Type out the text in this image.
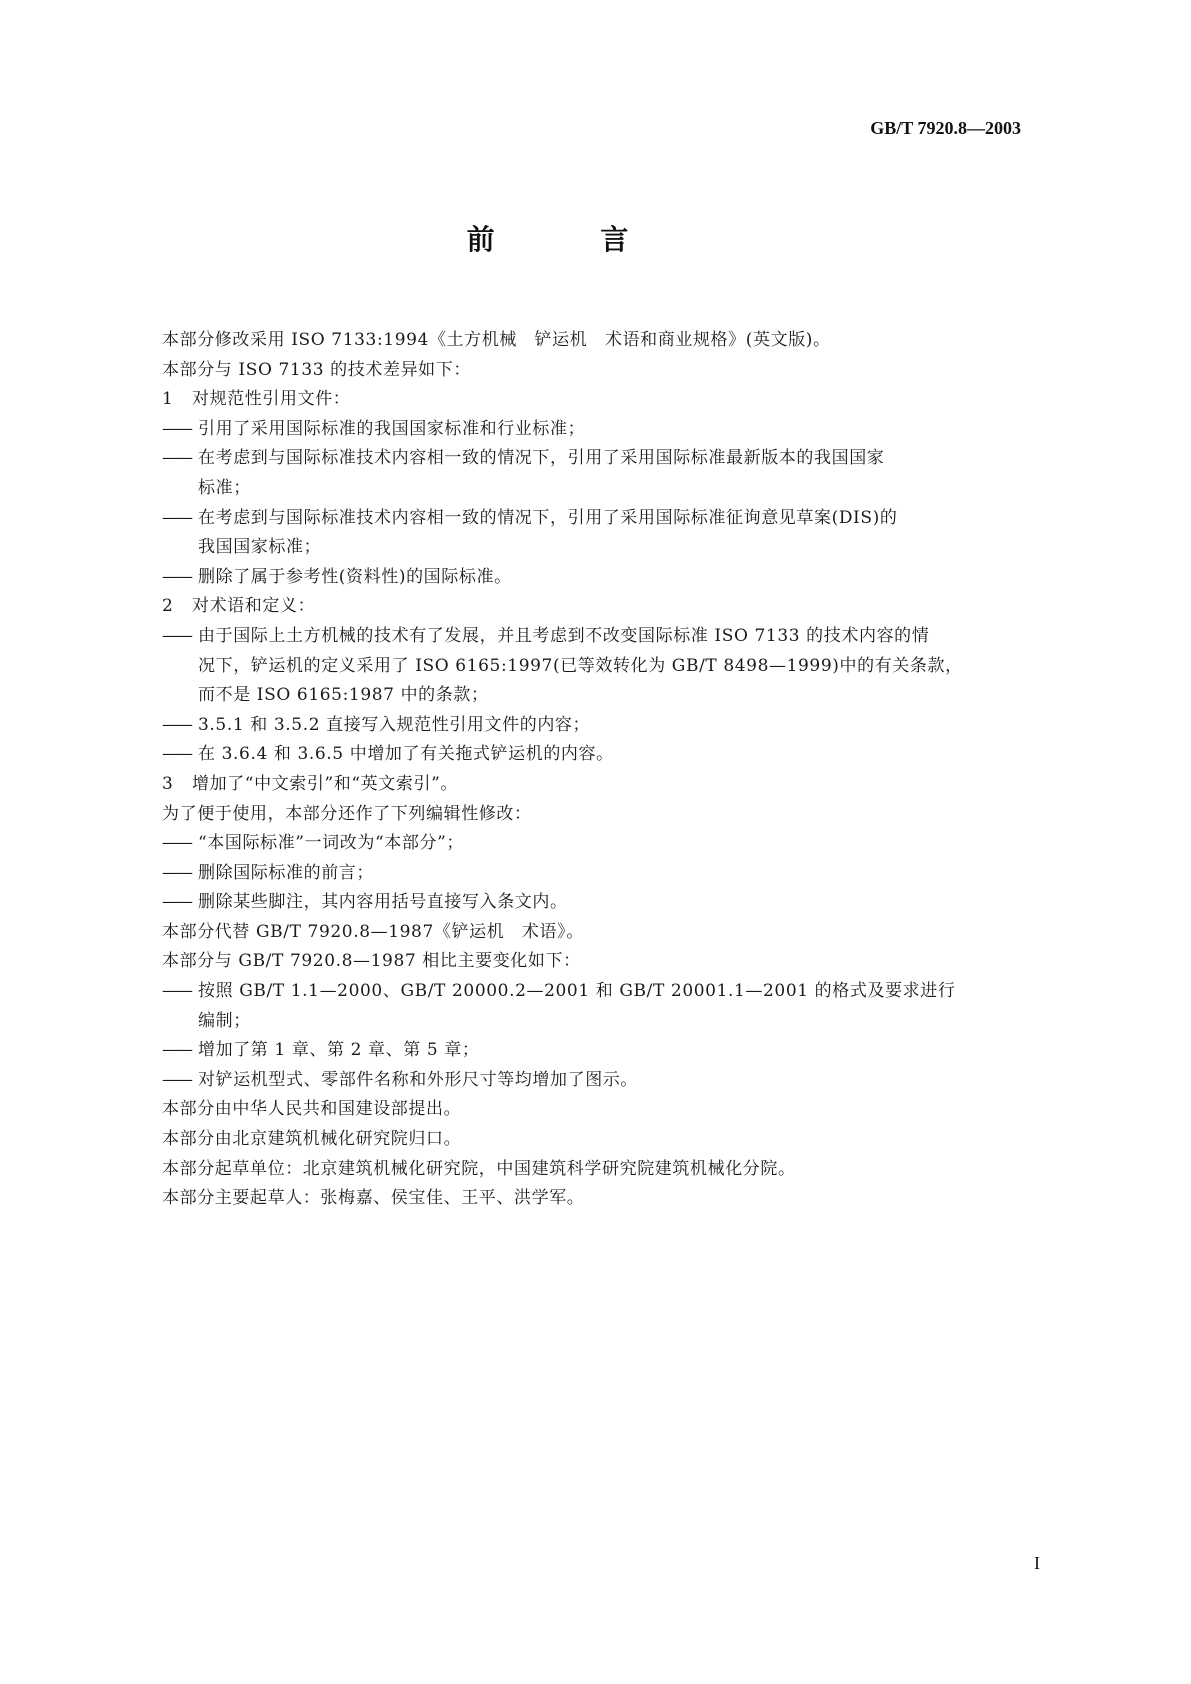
GB/T 7920.8—2003
前 言
本部分修改采用 ISO 7133:1994《土方机械　铲运机　术语和商业规格》(英文版)。
本部分与 ISO 7133 的技术差异如下：
1 对规范性引用文件：
—— 引用了采用国际标准的我国国家标准和行业标准；
—— 在考虑到与国际标准技术内容相一致的情况下，引用了采用国际标准最新版本的我国国家
标准；
—— 在考虑到与国际标准技术内容相一致的情况下，引用了采用国际标准征询意见草案(DIS)的
我国国家标准；
—— 删除了属于参考性(资料性)的国际标准。
2 对术语和定义：
—— 由于国际上土方机械的技术有了发展，并且考虑到不改变国际标准 ISO 7133 的技术内容的情
况下，铲运机的定义采用了 ISO 6165:1997(已等效转化为 GB/T 8498—1999)中的有关条款，
而不是 ISO 6165:1987 中的条款；
—— 3.5.1 和 3.5.2 直接写入规范性引用文件的内容；
—— 在 3.6.4 和 3.6.5 中增加了有关拖式铲运机的内容。
3 增加了“中文索引”和“英文索引”。
为了便于使用，本部分还作了下列编辑性修改：
—— “本国际标准”一词改为“本部分”；
—— 删除国际标准的前言；
—— 删除某些脚注，其内容用括号直接写入条文内。
本部分代替 GB/T 7920.8—1987《铲运机　术语》。
本部分与 GB/T 7920.8—1987 相比主要变化如下：
—— 按照 GB/T 1.1—2000、GB/T 20000.2—2001 和 GB/T 20001.1—2001 的格式及要求进行
编制；
—— 增加了第 1 章、第 2 章、第 5 章；
—— 对铲运机型式、零部件名称和外形尺寸等均增加了图示。
本部分由中华人民共和国建设部提出。
本部分由北京建筑机械化研究院归口。
本部分起草单位：北京建筑机械化研究院，中国建筑科学研究院建筑机械化分院。
本部分主要起草人：张梅嘉、侯宝佳、王平、洪学军。
I
